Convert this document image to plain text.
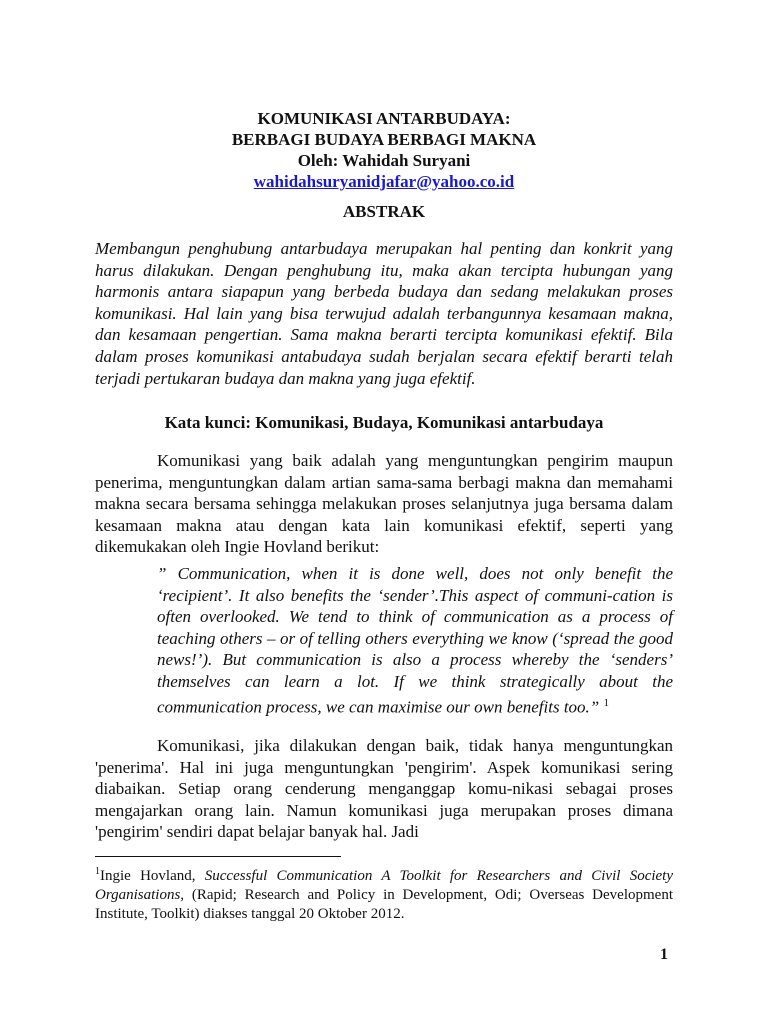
KOMUNIKASI ANTARBUDAYA:
BERBAGI BUDAYA BERBAGI MAKNA
Oleh: Wahidah Suryani
wahidahsuryanidjafar@yahoo.co.id
ABSTRAK
Membangun penghubung antarbudaya merupakan hal penting dan konkrit yang harus dilakukan. Dengan penghubung itu, maka akan tercipta hubungan yang harmonis antara siapapun yang berbeda budaya dan sedang melakukan proses komunikasi. Hal lain yang bisa terwujud adalah terbangunnya kesamaan makna, dan kesamaan pengertian. Sama makna berarti tercipta komunikasi efektif. Bila dalam proses komunikasi antabudaya sudah berjalan secara efektif berarti telah terjadi pertukaran budaya dan makna yang juga efektif.
Kata kunci: Komunikasi, Budaya, Komunikasi antarbudaya
Komunikasi yang baik adalah yang menguntungkan pengirim maupun penerima, menguntungkan dalam artian sama-sama berbagi makna dan memahami makna secara bersama sehingga melakukan proses selanjutnya juga bersama dalam kesamaan makna atau dengan kata lain komunikasi efektif, seperti yang dikemukakan oleh Ingie Hovland berikut:
” Communication, when it is done well, does not only benefit the ‘recipient’. It also benefits the ‘sender’.This aspect of communi-cation is often overlooked. We tend to think of communication as a process of teaching others – or of telling others everything we know (‘spread the good news!’). But communication is also a process whereby the ‘senders’ themselves can learn a lot. If we think strategically about the communication process, we can maximise our own benefits too.” $^1$
Komunikasi, jika dilakukan dengan baik, tidak hanya menguntungkan 'penerima'. Hal ini juga menguntungkan 'pengirim'. Aspek komunikasi sering diabaikan. Setiap orang cenderung menganggap komu-nikasi sebagai proses mengajarkan orang lain. Namun komunikasi juga merupakan proses dimana 'pengirim' sendiri dapat belajar banyak hal. Jadi
$^1$Ingie Hovland, Successful Communication A Toolkit for Researchers and Civil Society Organisations, (Rapid; Research and Policy in Development, Odi; Overseas Development Institute, Toolkit) diakses tanggal 20 Oktober 2012.
1
